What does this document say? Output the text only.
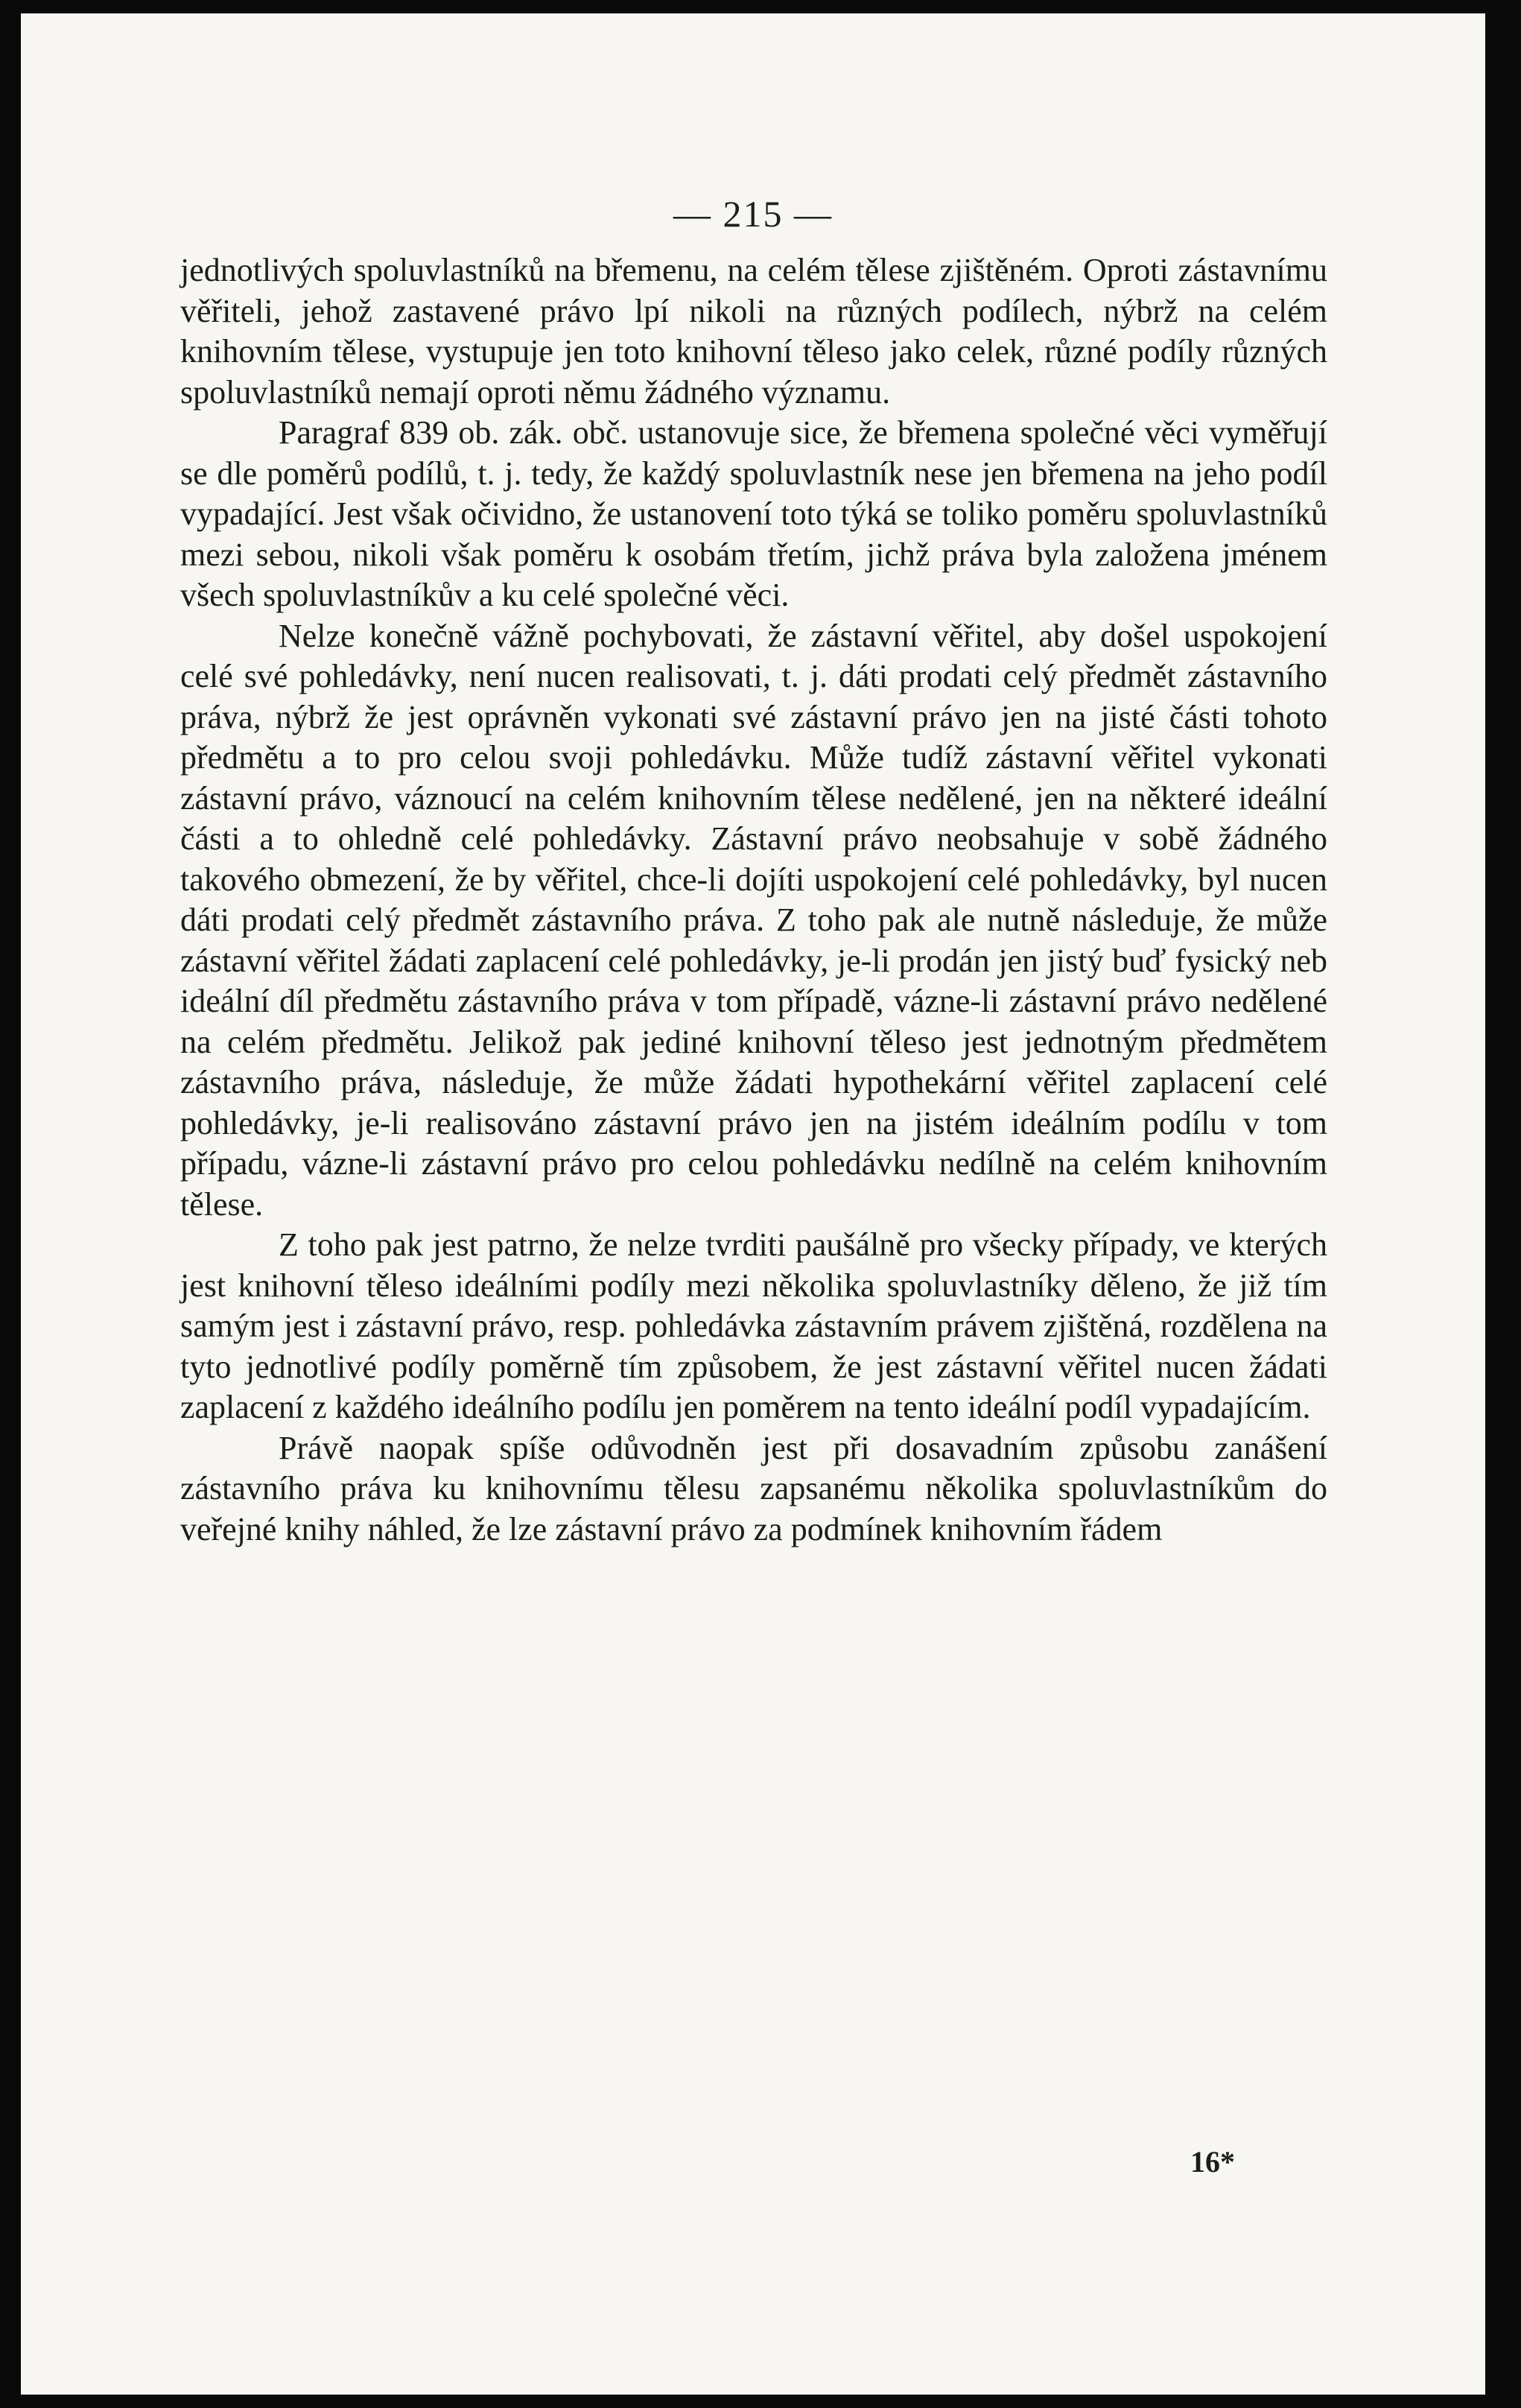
— 215 —

jednotlivých spoluvlastníků na břemenu, na celém tělese zjištěném. Oproti zástavnímu věřiteli, jehož zastavené právo lpí nikoli na různých podílech, nýbrž na celém knihovním tělese, vystupuje jen toto knihovní těleso jako celek, různé podíly různých spoluvlastníků nemají oproti němu žádného významu.

Paragraf 839 ob. zák. obč. ustanovuje sice, že břemena společné věci vyměřují se dle poměrů podílů, t. j. tedy, že každý spoluvlastník nese jen břemena na jeho podíl vypadající. Jest však očividno, že ustanovení toto týká se toliko poměru spoluvlastníků mezi sebou, nikoli však poměru k osobám třetím, jichž práva byla založena jménem všech spoluvlastníkův a ku celé společné věci.

Nelze konečně vážně pochybovati, že zástavní věřitel, aby došel uspokojení celé své pohledávky, není nucen realisovati, t. j. dáti prodati celý předmět zástavního práva, nýbrž že jest oprávněn vykonati své zástavní právo jen na jisté části tohoto předmětu a to pro celou svoji pohledávku. Může tudíž zástavní věřitel vykonati zástavní právo, váznoucí na celém knihovním tělese nedělené, jen na některé ideální části a to ohledně celé pohledávky. Zástavní právo neobsahuje v sobě žádného takového obmezení, že by věřitel, chce-li dojíti uspokojení celé pohledávky, byl nucen dáti prodati celý předmět zástavního práva. Z toho pak ale nutně následuje, že může zástavní věřitel žádati zaplacení celé pohledávky, je-li prodán jen jistý buď fysický neb ideální díl předmětu zástavního práva v tom případě, vázne-li zástavní právo nedělené na celém předmětu. Jelikož pak jediné knihovní těleso jest jednotným předmětem zástavního práva, následuje, že může žádati hypothekární věřitel zaplacení celé pohledávky, je-li realisováno zástavní právo jen na jistém ideálním podílu v tom případu, vázne-li zástavní právo pro celou pohledávku nedílně na celém knihovním tělese.

Z toho pak jest patrno, že nelze tvrditi paušálně pro všecky případy, ve kterých jest knihovní těleso ideálními podíly mezi několika spoluvlastníky děleno, že již tím samým jest i zástavní právo, resp. pohledávka zástavním právem zjištěná, rozdělena na tyto jednotlivé podíly poměrně tím způsobem, že jest zástavní věřitel nucen žádati zaplacení z každého ideálního podílu jen poměrem na tento ideální podíl vypadajícím.

Právě naopak spíše odůvodněn jest při dosavadním způsobu zanášení zástavního práva ku knihovnímu tělesu zapsanému několika spoluvlastníkům do veřejné knihy náhled, že lze zástavní právo za podmínek knihovním řádem

16*
